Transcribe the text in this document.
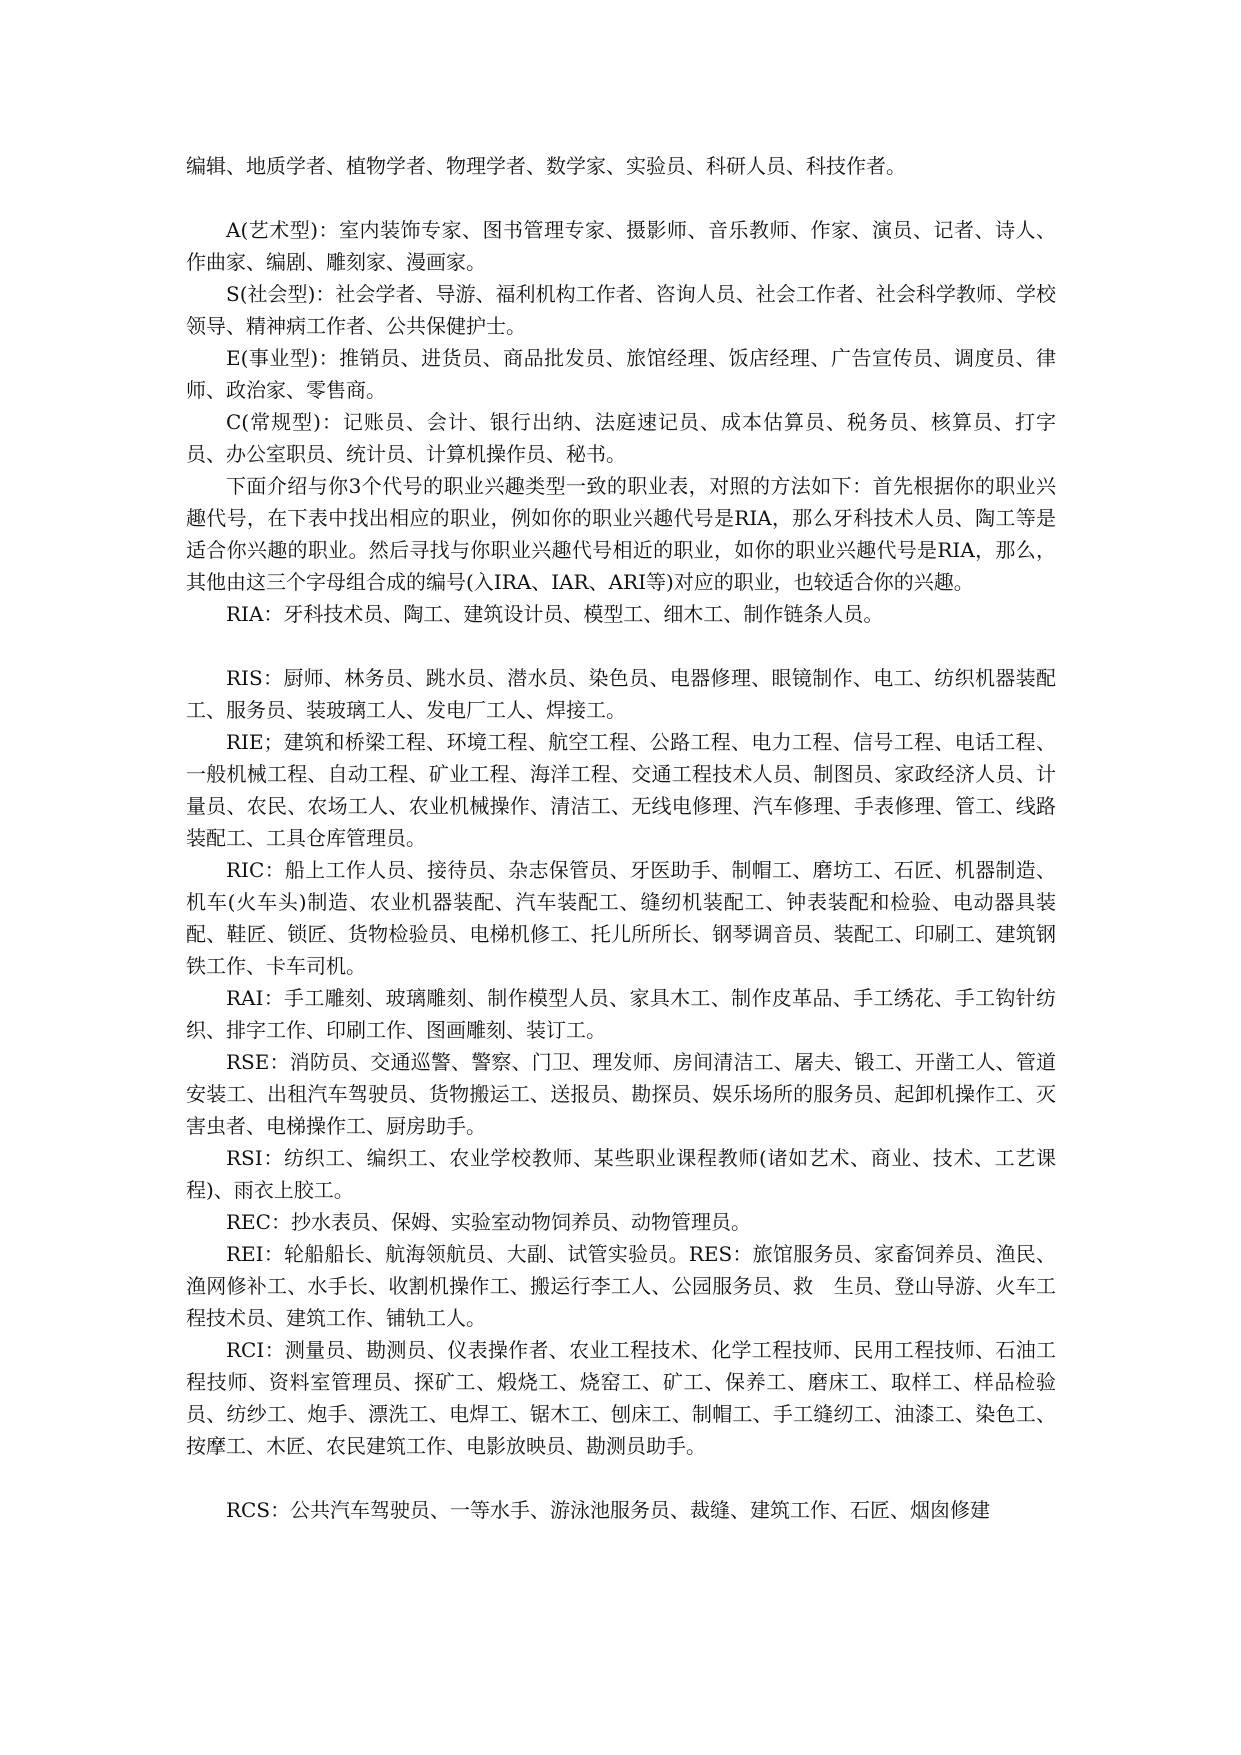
编辑、地质学者、植物学者、物理学者、数学家、实验员、科研人员、科技作者。

A(艺术型)：室内装饰专家、图书管理专家、摄影师、音乐教师、作家、演员、记者、诗人、作曲家、编剧、雕刻家、漫画家。

S(社会型)：社会学者、导游、福利机构工作者、咨询人员、社会工作者、社会科学教师、学校领导、精神病工作者、公共保健护士。

E(事业型)：推销员、进货员、商品批发员、旅馆经理、饭店经理、广告宣传员、调度员、律师、政治家、零售商。

C(常规型)：记账员、会计、银行出纳、法庭速记员、成本估算员、税务员、核算员、打字员、办公室职员、统计员、计算机操作员、秘书。

下面介绍与你3个代号的职业兴趣类型一致的职业表，对照的方法如下：首先根据你的职业兴趣代号，在下表中找出相应的职业，例如你的职业兴趣代号是RIA，那么牙科技术人员、陶工等是适合你兴趣的职业。然后寻找与你职业兴趣代号相近的职业，如你的职业兴趣代号是RIA，那么，其他由这三个字母组合成的编号(入IRA、IAR、ARI等)对应的职业，也较适合你的兴趣。

RIA：牙科技术员、陶工、建筑设计员、模型工、细木工、制作链条人员。

RIS：厨师、林务员、跳水员、潜水员、染色员、电器修理、眼镜制作、电工、纺织机器装配工、服务员、装玻璃工人、发电厂工人、焊接工。

RIE；建筑和桥梁工程、环境工程、航空工程、公路工程、电力工程、信号工程、电话工程、一般机械工程、自动工程、矿业工程、海洋工程、交通工程技术人员、制图员、家政经济人员、计量员、农民、农场工人、农业机械操作、清洁工、无线电修理、汽车修理、手表修理、管工、线路装配工、工具仓库管理员。

RIC：船上工作人员、接待员、杂志保管员、牙医助手、制帽工、磨坊工、石匠、机器制造、机车(火车头)制造、农业机器装配、汽车装配工、缝纫机装配工、钟表装配和检验、电动器具装配、鞋匠、锁匠、货物检验员、电梯机修工、托儿所所长、钢琴调音员、装配工、印刷工、建筑钢铁工作、卡车司机。

RAI：手工雕刻、玻璃雕刻、制作模型人员、家具木工、制作皮革品、手工绣花、手工钩针纺织、排字工作、印刷工作、图画雕刻、装订工。

RSE：消防员、交通巡警、警察、门卫、理发师、房间清洁工、屠夫、锻工、开凿工人、管道安装工、出租汽车驾驶员、货物搬运工、送报员、勘探员、娱乐场所的服务员、起卸机操作工、灭害虫者、电梯操作工、厨房助手。

RSI：纺织工、编织工、农业学校教师、某些职业课程教师(诸如艺术、商业、技术、工艺课程)、雨衣上胶工。

REC：抄水表员、保姆、实验室动物饲养员、动物管理员。

REI：轮船船长、航海领航员、大副、试管实验员。RES：旅馆服务员、家畜饲养员、渔民、渔网修补工、水手长、收割机操作工、搬运行李工人、公园服务员、救　生员、登山导游、火车工程技术员、建筑工作、铺轨工人。

RCI：测量员、勘测员、仪表操作者、农业工程技术、化学工程技师、民用工程技师、石油工程技师、资料室管理员、探矿工、煅烧工、烧窑工、矿工、保养工、磨床工、取样工、样品检验员、纺纱工、炮手、漂洗工、电焊工、锯木工、刨床工、制帽工、手工缝纫工、油漆工、染色工、按摩工、木匠、农民建筑工作、电影放映员、勘测员助手。

RCS：公共汽车驾驶员、一等水手、游泳池服务员、裁缝、建筑工作、石匠、烟囱修建
